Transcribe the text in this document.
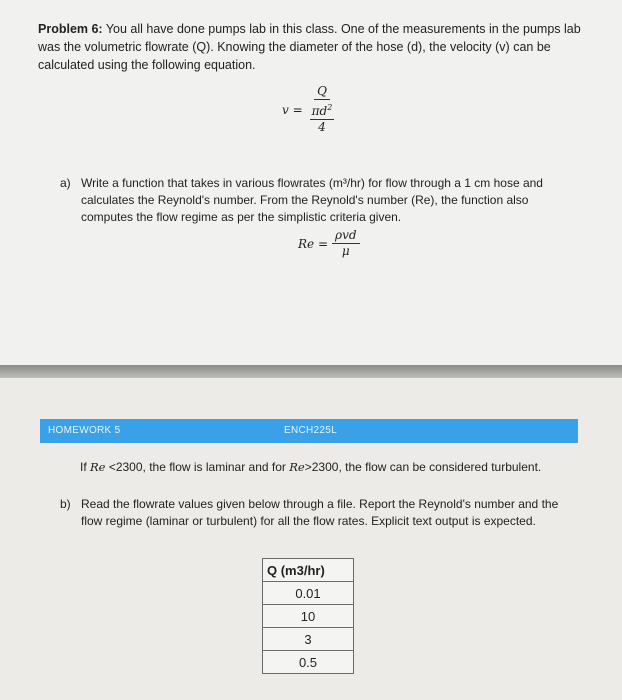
Problem 6: You all have done pumps lab in this class. One of the measurements in the pumps lab was the volumetric flowrate (Q). Knowing the diameter of the hose (d), the velocity (v) can be calculated using the following equation.
$v = \frac{Q}{\frac{\pi d^2}{4}}$
a) Write a function that takes in various flowrates (m³/hr) for flow through a 1 cm hose and calculates the Reynold's number. From the Reynold's number (Re), the function also computes the flow regime as per the simplistic criteria given.
$Re = \frac{\text{ρvd}}{\mu}$
HOMEWORK 5	ENCH225L
If Re <2300, the flow is laminar and for Re>2300, the flow can be considered turbulent.
b) Read the flowrate values given below through a file. Report the Reynold's number and the flow regime (laminar or turbulent) for all the flow rates. Explicit text output is expected.
Q (m3/hr)
0.01
10
3
0.5
